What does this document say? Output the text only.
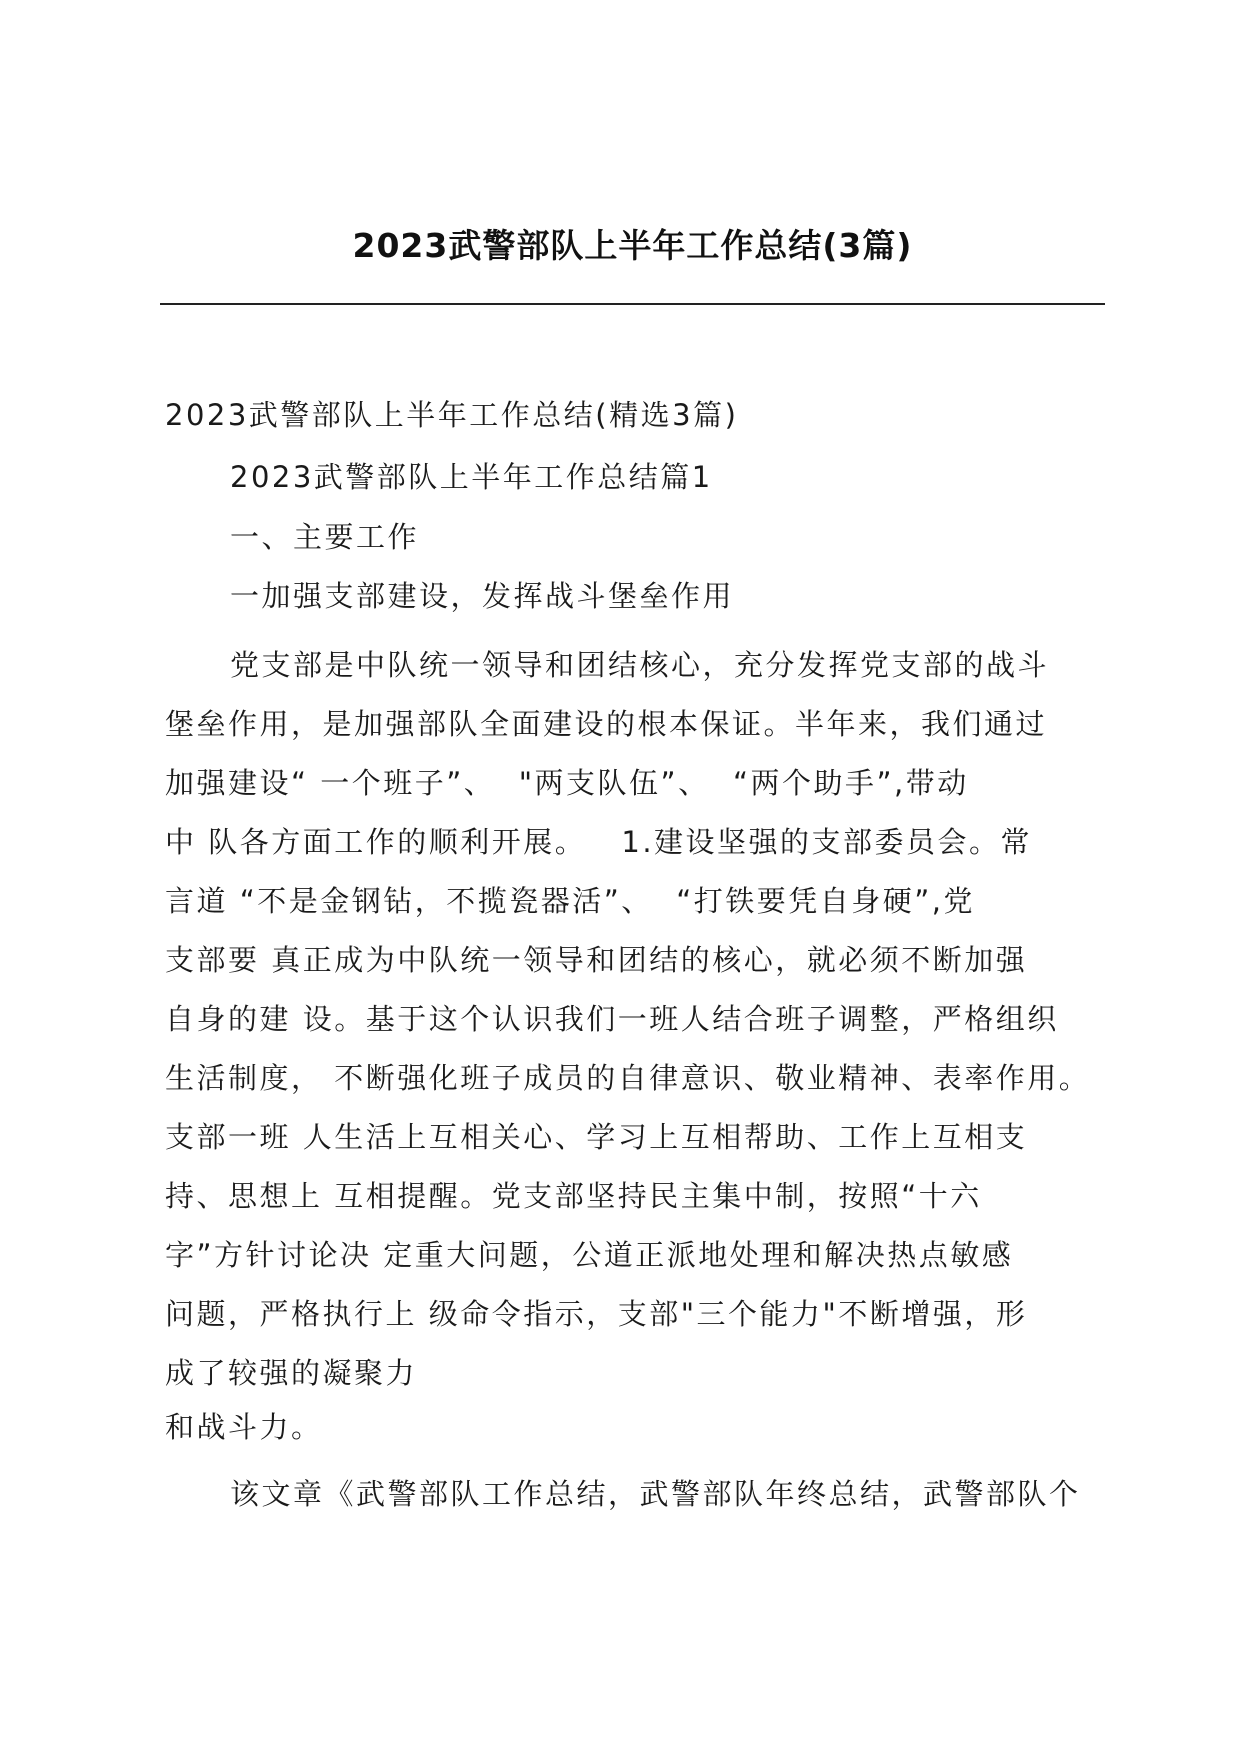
2023武警部队上半年工作总结(3篇)
2023武警部队上半年工作总结(精选3篇)
2023武警部队上半年工作总结篇1
一、主要工作
一加强支部建设，发挥战斗堡垒作用
党支部是中队统一领导和团结核心，充分发挥党支部的战斗
堡垒作用，是加强部队全面建设的根本保证。半年来，我们通过
加强建设“ 一个班子”、  "两支队伍”、  “两个助手”,带动
中 队各方面工作的顺利开展。   1.建设坚强的支部委员会。常
言道 “不是金钢钻，不揽瓷器活”、  “打铁要凭自身硬”,党
支部要 真正成为中队统一领导和团结的核心，就必须不断加强
自身的建 设。基于这个认识我们一班人结合班子调整，严格组织
生活制度， 不断强化班子成员的自律意识、敬业精神、表率作用。
支部一班 人生活上互相关心、学习上互相帮助、工作上互相支
持、思想上 互相提醒。党支部坚持民主集中制，按照“十六
字”方针讨论决 定重大问题，公道正派地处理和解决热点敏感
问题，严格执行上 级命令指示，支部"三个能力"不断增强，形
成了较强的凝聚力
和战斗力。
该文章《武警部队工作总结，武警部队年终总结，武警部队个
